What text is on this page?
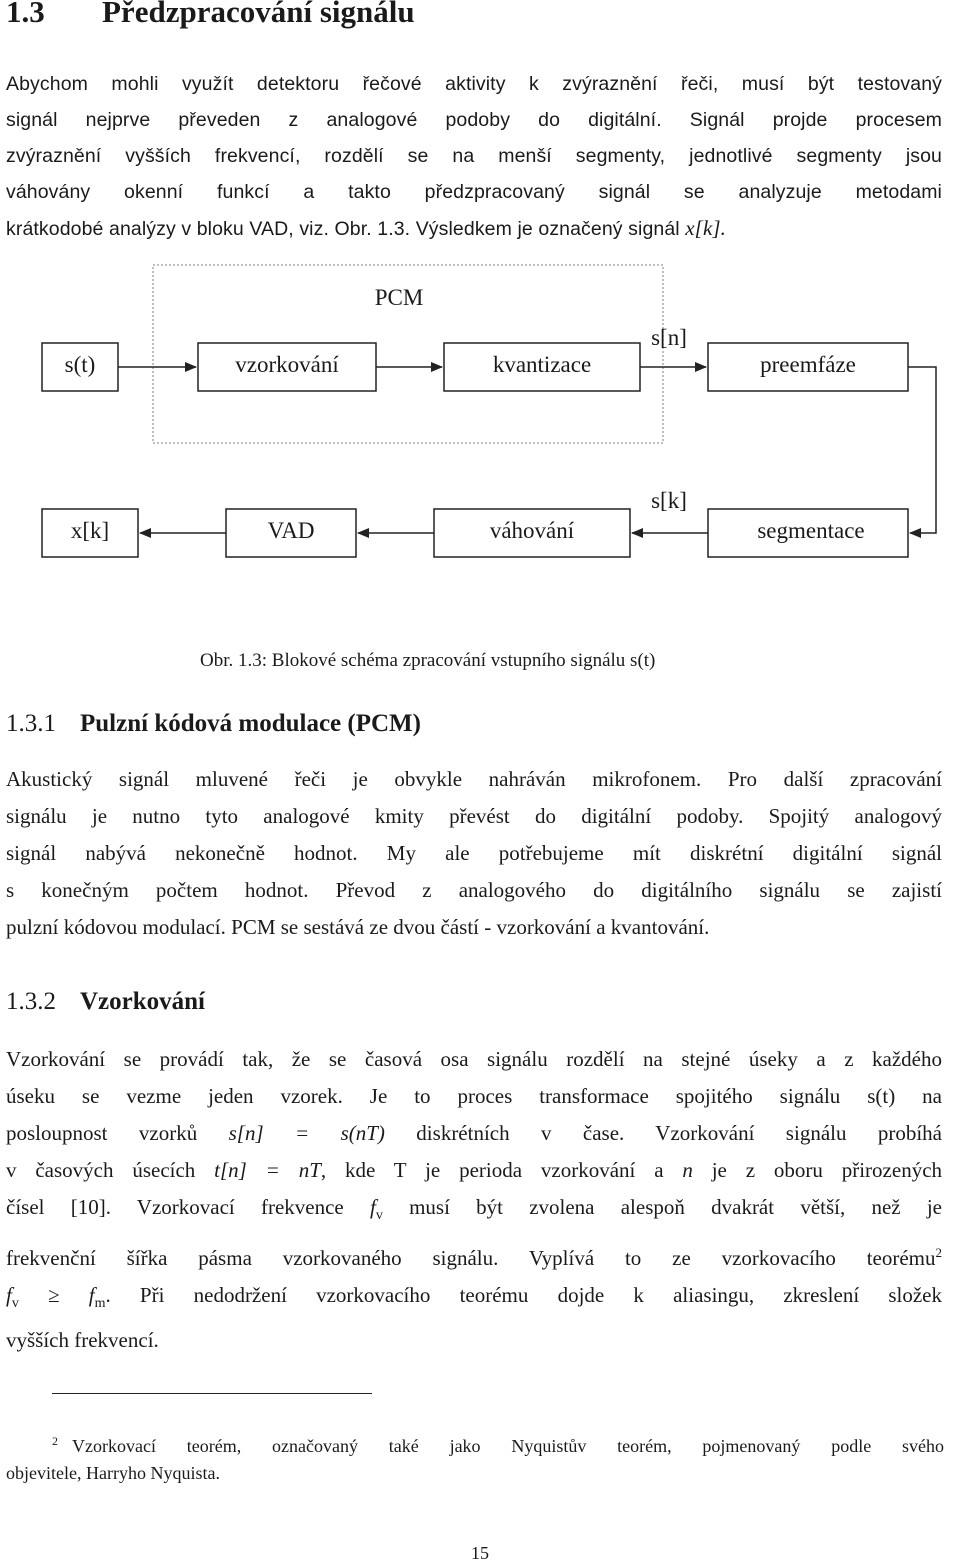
1.3 Předzpracování signálu

Abychom mohli využít detektoru řečové aktivity k zvýraznění řeči, musí být testovaný
signál nejprve převeden z analogové podoby do digitální. Signál projde procesem
zvýraznění vyšších frekvencí, rozdělí se na menší segmenty, jednotlivé segmenty jsou
váhovány okenní funkcí a takto předzpracovaný signál se analyzuje metodami
krátkodobé analýzy v bloku VAD, viz. Obr. 1.3. Výsledkem je označený signál x[k].

PCM
s[n]
s(t)	vzorkování	kvantizace	preemfáze
s[k]
x[k]	VAD	váhování	segmentace
Obr. 1.3: Blokové schéma zpracování vstupního signálu s(t)
1.3.1 Pulzní kódová modulace (PCM)

Akustický signál mluvené řeči je obvykle nahráván mikrofonem. Pro další zpracování
signálu je nutno tyto analogové kmity převést do digitální podoby. Spojitý analogový
signál nabývá nekonečně hodnot. My ale potřebujeme mít diskrétní digitální signál
s konečným počtem hodnot. Převod z analogového do digitálního signálu se zajistí
pulzní kódovou modulací. PCM se sestává ze dvou částí - vzorkování a kvantování.

1.3.2 Vzorkování

Vzorkování se provádí tak, že se časová osa signálu rozdělí na stejné úseky a z každého
úseku se vezme jeden vzorek. Je to proces transformace spojitého signálu s(t) na
posloupnost vzorků s[n] = s(nT) diskrétních v čase. Vzorkování signálu probíhá
v časových úsecích t[n] = nT, kde T je perioda vzorkování a n je z oboru přirozených
čísel [10]. Vzorkovací frekvence $f_v$ musí být zvolena alespoň dvakrát větší, než je
frekvenční šířka pásma vzorkovaného signálu. Vyplívá to ze vzorkovacího teorému$^2$
$f_v \ge f_m$. Při nedodržení vzorkovacího teorému dojde k aliasingu, zkreslení složek
vyšších frekvencí.

$^2$ Vzorkovací teorém, označovaný také jako Nyquistův teorém, pojmenovaný podle svého
objevitele, Harryho Nyquista.

15
